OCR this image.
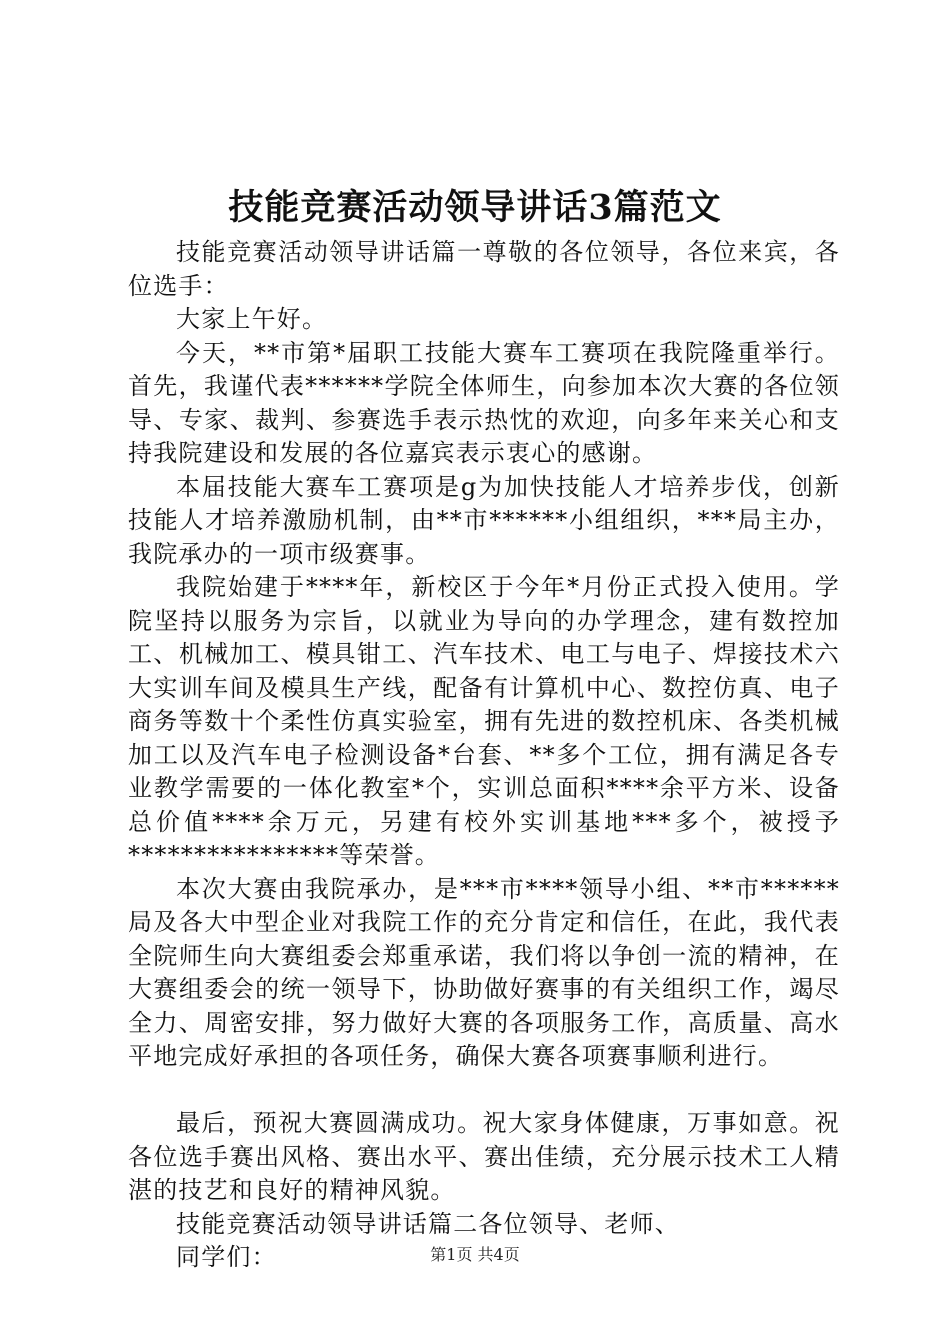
技能竞赛活动领导讲话3篇范文

技能竞赛活动领导讲话篇一尊敬的各位领导，各位来宾，各位选手：

大家上午好。

今天，**市第*届职工技能大赛车工赛项在我院隆重举行。首先，我谨代表******学院全体师生，向参加本次大赛的各位领导、专家、裁判、参赛选手表示热忱的欢迎，向多年来关心和支持我院建设和发展的各位嘉宾表示衷心的感谢。

本届技能大赛车工赛项是g为加快技能人才培养步伐，创新技能人才培养激励机制，由**市******小组组织，***局主办，我院承办的一项市级赛事。

我院始建于****年，新校区于今年*月份正式投入使用。学院坚持以服务为宗旨，以就业为导向的办学理念，建有数控加工、机械加工、模具钳工、汽车技术、电工与电子、焊接技术六大实训车间及模具生产线，配备有计算机中心、数控仿真、电子商务等数十个柔性仿真实验室，拥有先进的数控机床、各类机械加工以及汽车电子检测设备*台套、**多个工位，拥有满足各专业教学需要的一体化教室*个，实训总面积****余平方米、设备总价值****余万元，另建有校外实训基地***多个，被授予****************等荣誉。

本次大赛由我院承办，是***市****领导小组、**市******局及各大中型企业对我院工作的充分肯定和信任，在此，我代表全院师生向大赛组委会郑重承诺，我们将以争创一流的精神，在大赛组委会的统一领导下，协助做好赛事的有关组织工作，竭尽全力、周密安排，努力做好大赛的各项服务工作，高质量、高水平地完成好承担的各项任务，确保大赛各项赛事顺利进行。

最后，预祝大赛圆满成功。祝大家身体健康，万事如意。祝各位选手赛出风格、赛出水平、赛出佳绩，充分展示技术工人精湛的技艺和良好的精神风貌。

技能竞赛活动领导讲话篇二各位领导、老师、

同学们：	第1页 共4页
